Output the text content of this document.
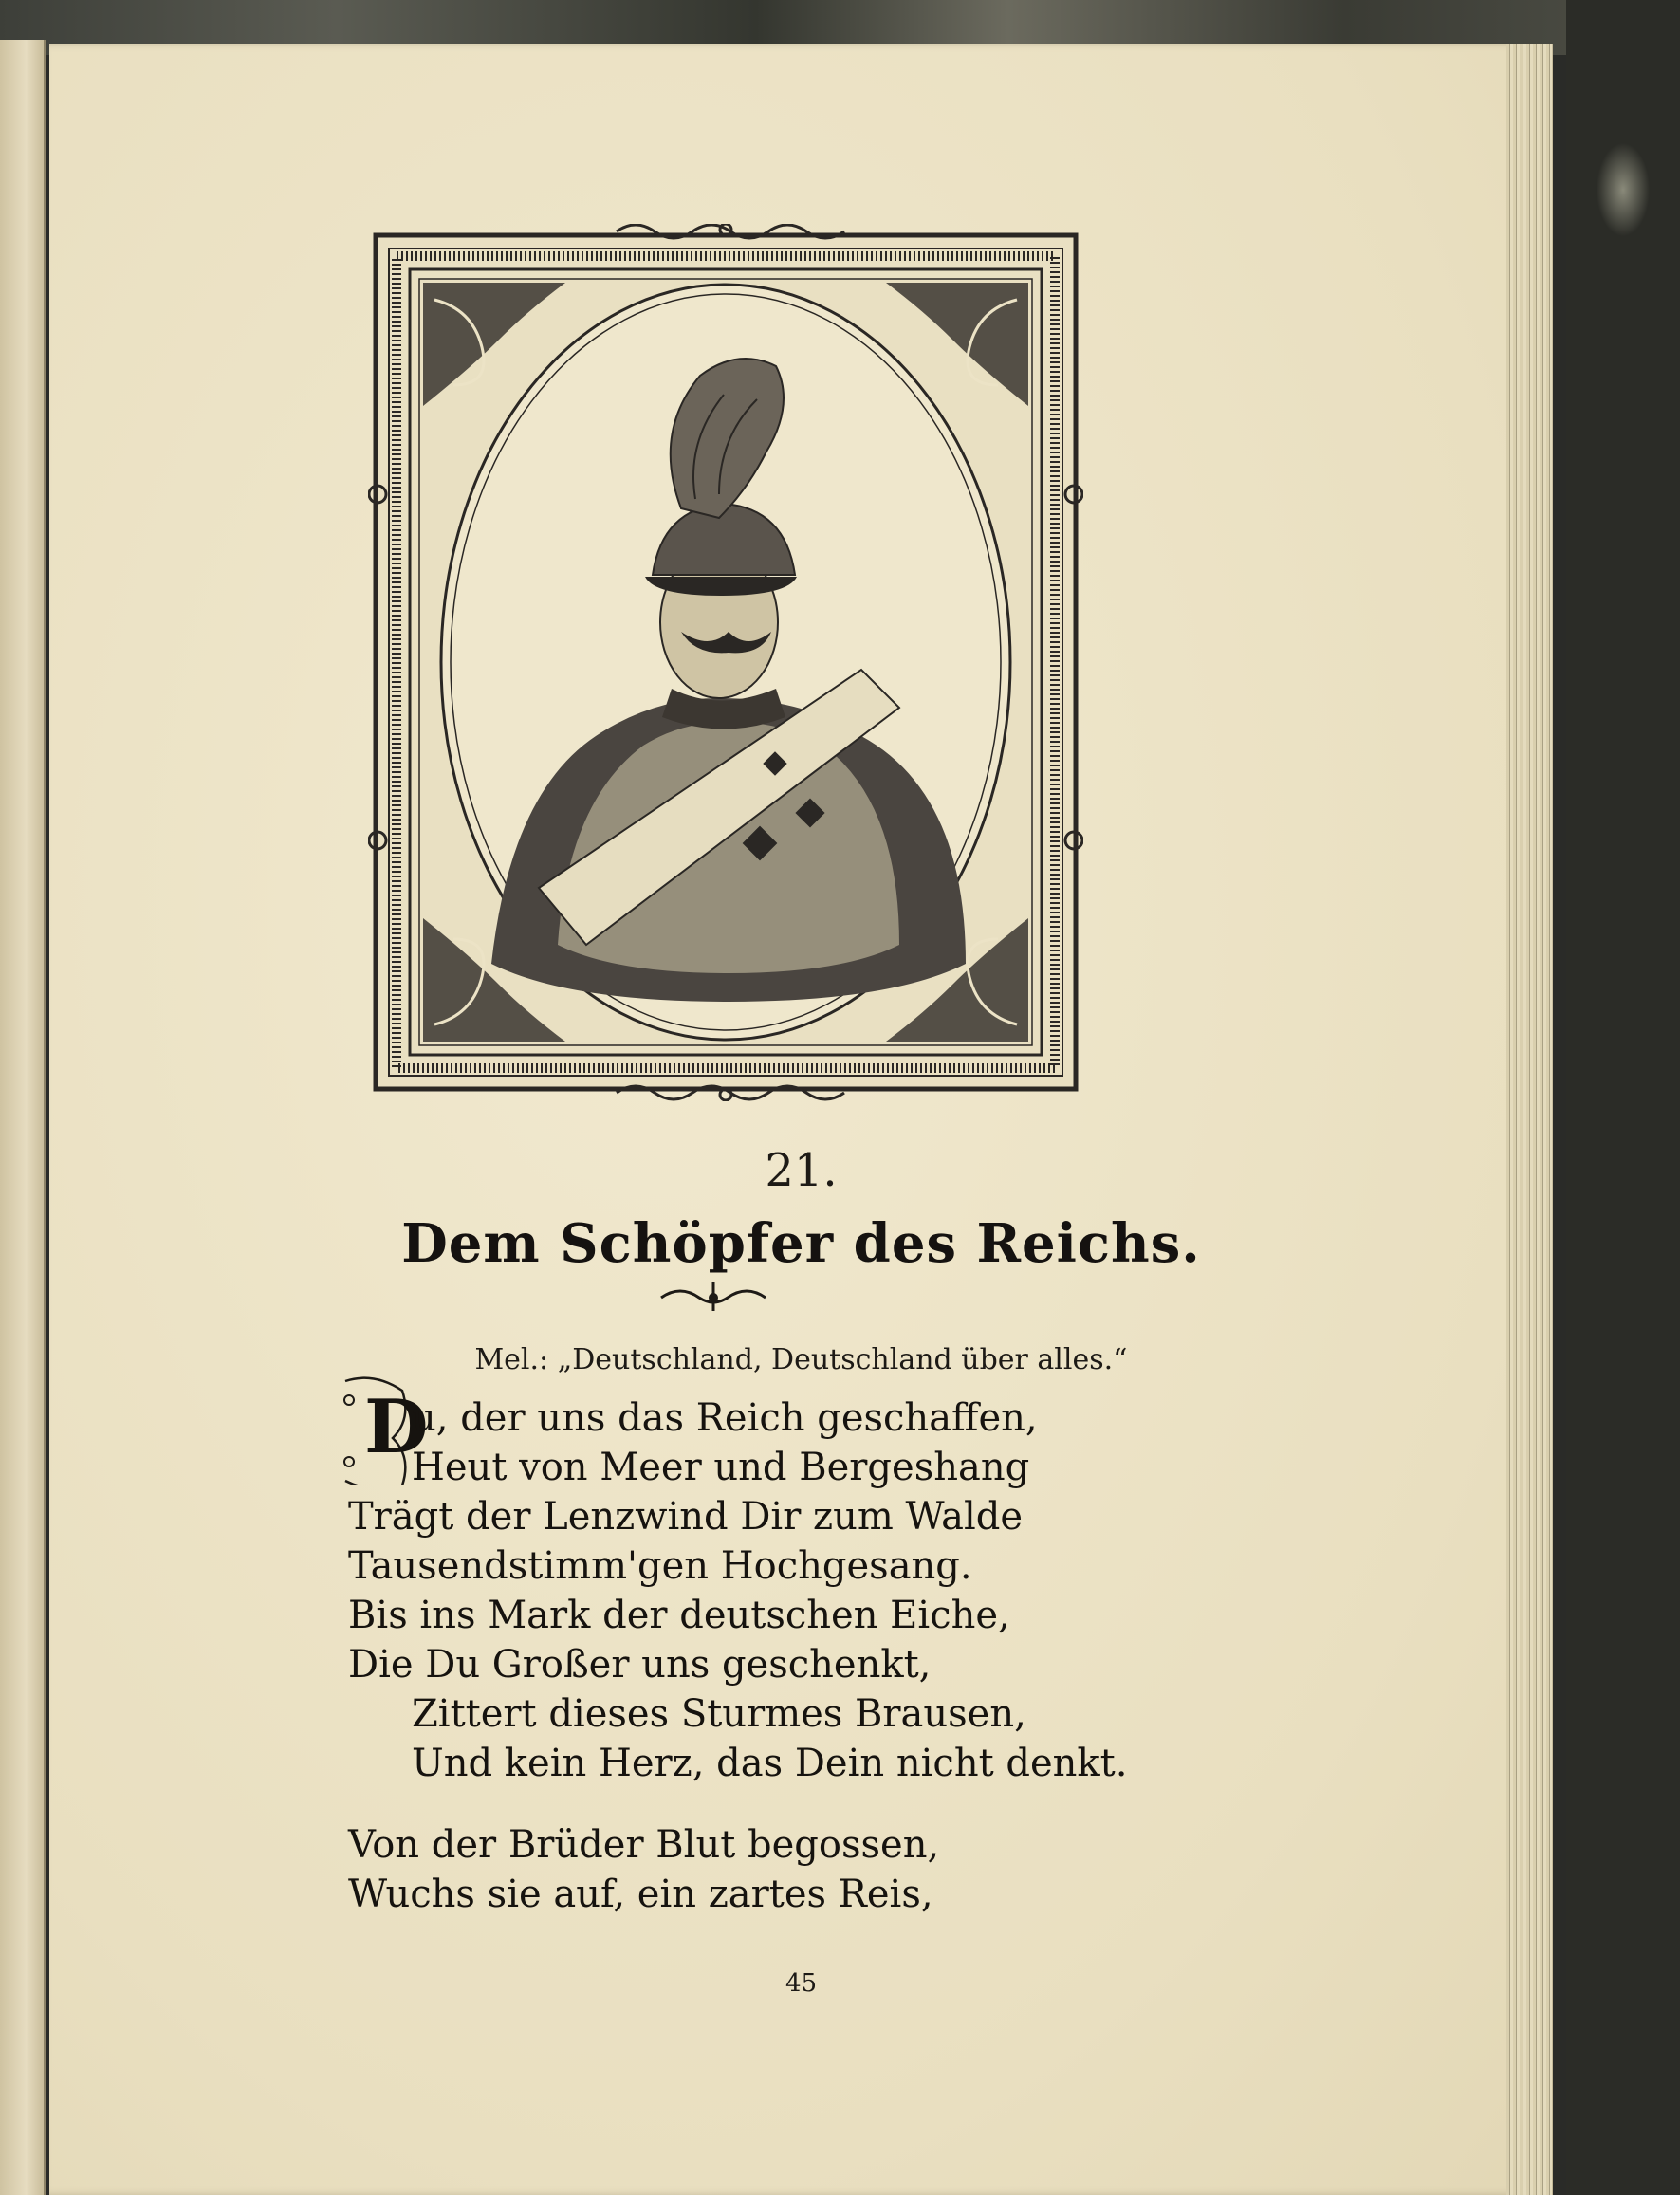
21.
Dem Schöpfer des Reichs.
Mel.: „Deutschland, Deutschland über alles.“
D
u, der uns das Reich geschaffen,
Heut von Meer und Bergeshang
Trägt der Lenzwind Dir zum Walde
Tausendstimm'gen Hochgesang.
Bis ins Mark der deutschen Eiche,
Die Du Großer uns geschenkt,
Zittert dieses Sturmes Brausen,
Und kein Herz, das Dein nicht denkt.
Von der Brüder Blut begossen,
Wuchs sie auf, ein zartes Reis,
45
